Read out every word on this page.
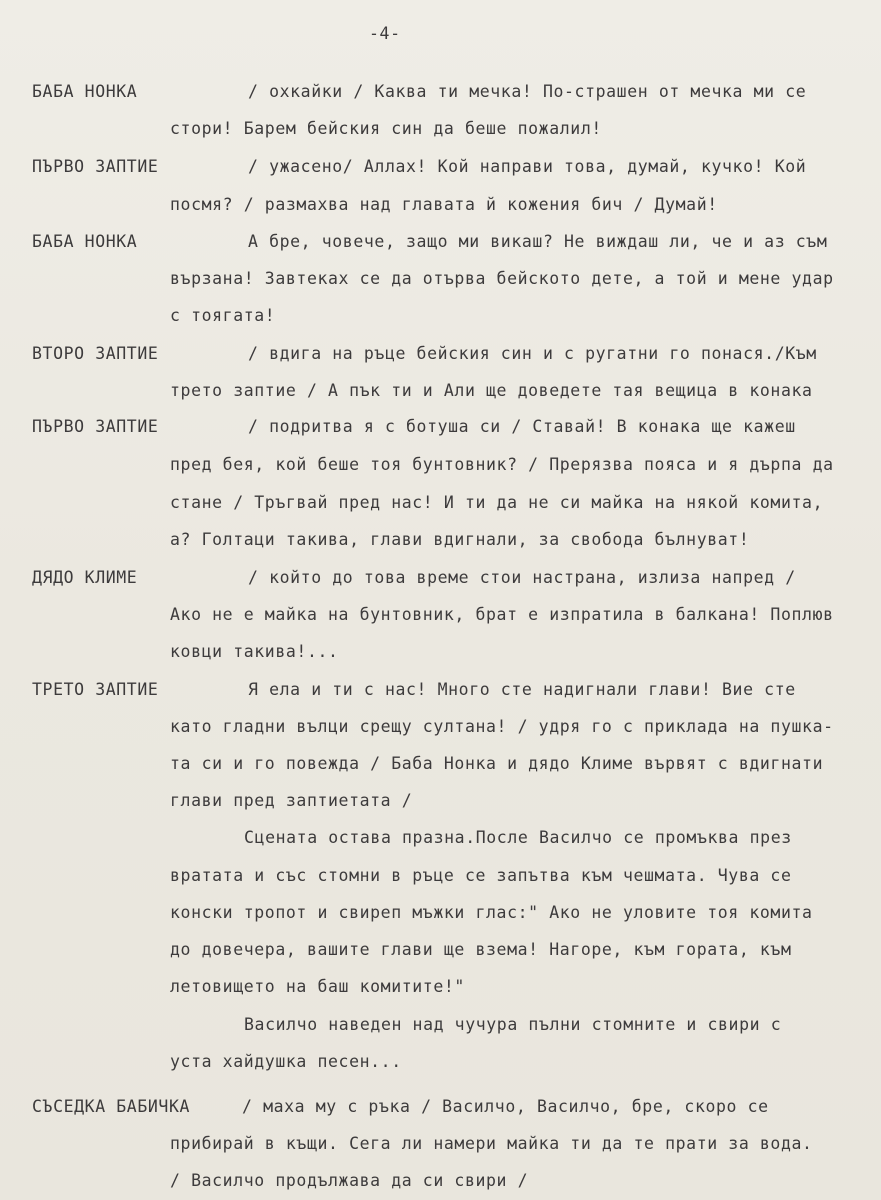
-4-
БАБА НОНКА	/ охкайки / Каква ти мечка! По-страшен от мечка ми се
стори! Барем бейския син да беше пожалил!
ПЪРВО ЗАПТИЕ	/ ужасено/ Аллах! Кой направи това, думай, кучко! Кой
посмя? / размахва над главата й кожения бич / Думай!
БАБА НОНКА	А бре, човече, защо ми викаш? Не виждаш ли, че и аз съм
вързана! Завтеках се да отървa бейското дете, а той и мене удар
с тоягата!
ВТОРО ЗАПТИЕ	/ вдига на ръце бейския син и с ругатни го понася./Към
трето заптие / А пък ти и Али ще доведете тая вещица в конака
ПЪРВО ЗАПТИЕ	/ подритва я с ботуша си / Ставай! В конака ще кажеш
пред бея, кой беше тоя бунтовник? / Прерязва пояса и я дърпа да
стане / Тръгвай пред нас! И ти да не си майка на някой комита,
а? Голтаци такива, глави вдигнали, за свобода бълнуват!
ДЯДО КЛИМЕ	/ който до това време стои настрана, излиза напред /
Ако не е майка на бунтовник, брат е изпратила в балкана! Поплюв
ковци такива!...
ТРЕТО ЗАПТИЕ	Я ела и ти с нас! Много сте надигнали глави! Вие сте
като гладни вълци срещу султана! / удря го с приклада на пушка-
та си и го повежда / Баба Нонка и дядо Климе вървят с вдигнати
глави пред заптиетата /
Сцената остава празна.После Василчо се промъква през
вратата и със стомни в ръце се запътва към чешмата. Чува се
конски тропот и свиреп мъжки глас:" Ако не уловите тоя комита
до довечера, вашите глави ще взема! Нагоре, към гората, към
летовището на баш комитите!"
Василчо наведен над чучура пълни стомните и свири с
уста хайдушка песен...
СЪСЕДКА БАБИЧКА	/ маха му с ръка / Василчо, Василчо, бре, скоро се
прибирай в къщи. Сега ли намери майка ти да те прати за вода.
/ Василчо продължава да си свири /
